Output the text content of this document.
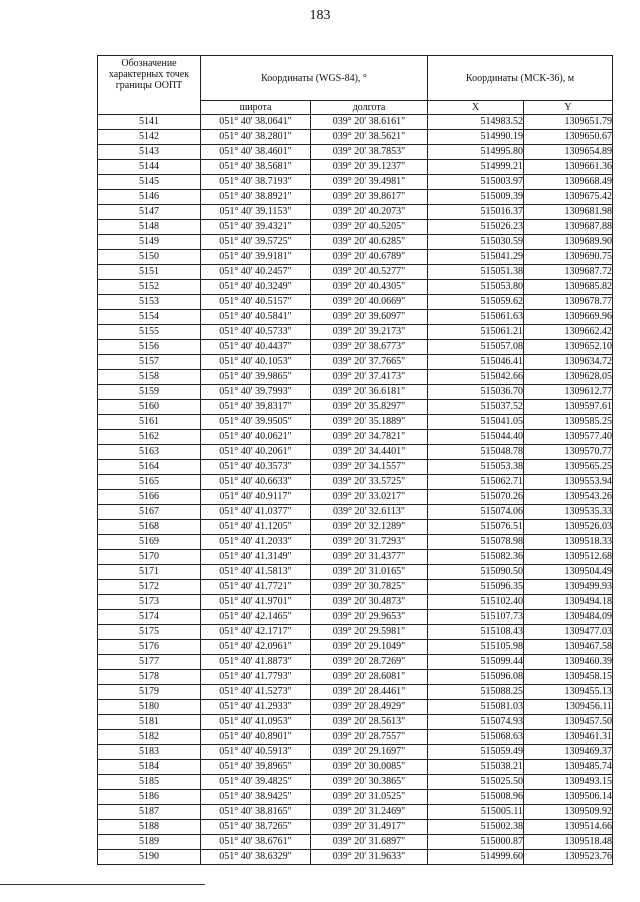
183
Обозначение характерных точек границы ООПТ	Координаты (WGS-84), °		Координаты (МСК-36), м	
	широта	долгота	X	Y
5141	051° 40' 38.0641"	039° 20' 38.6161"	514983.52	1309651.79
5142	051° 40' 38.2801"	039° 20' 38.5621"	514990.19	1309650.67
5143	051° 40' 38.4601"	039° 20' 38.7853"	514995.80	1309654.89
5144	051° 40' 38.5681"	039° 20' 39.1237"	514999.21	1309661.36
5145	051° 40' 38.7193"	039° 20' 39.4981"	515003.97	1309668.49
5146	051° 40' 38.8921"	039° 20' 39.8617"	515009.39	1309675.42
5147	051° 40' 39.1153"	039° 20' 40.2073"	515016.37	1309681.98
5148	051° 40' 39.4321"	039° 20' 40.5205"	515026.23	1309687.88
5149	051° 40' 39.5725"	039° 20' 40.6285"	515030.59	1309689.90
5150	051° 40' 39.9181"	039° 20' 40.6789"	515041.29	1309690.75
5151	051° 40' 40.2457"	039° 20' 40.5277"	515051.38	1309687.72
5152	051° 40' 40.3249"	039° 20' 40.4305"	515053.80	1309685.82
5153	051° 40' 40.5157"	039° 20' 40.0669"	515059.62	1309678.77
5154	051° 40' 40.5841"	039° 20' 39.6097"	515061.63	1309669.96
5155	051° 40' 40.5733"	039° 20' 39.2173"	515061.21	1309662.42
5156	051° 40' 40.4437"	039° 20' 38.6773"	515057.08	1309652.10
5157	051° 40' 40.1053"	039° 20' 37.7665"	515046.41	1309634.72
5158	051° 40' 39.9865"	039° 20' 37.4173"	515042.66	1309628.05
5159	051° 40' 39.7993"	039° 20' 36.6181"	515036.70	1309612.77
5160	051° 40' 39.8317"	039° 20' 35.8297"	515037.52	1309597.61
5161	051° 40' 39.9505"	039° 20' 35.1889"	515041.05	1309585.25
5162	051° 40' 40.0621"	039° 20' 34.7821"	515044.40	1309577.40
5163	051° 40' 40.2061"	039° 20' 34.4401"	515048.78	1309570.77
5164	051° 40' 40.3573"	039° 20' 34.1557"	515053.38	1309565.25
5165	051° 40' 40.6633"	039° 20' 33.5725"	515062.71	1309553.94
5166	051° 40' 40.9117"	039° 20' 33.0217"	515070.26	1309543.26
5167	051° 40' 41.0377"	039° 20' 32.6113"	515074.06	1309535.33
5168	051° 40' 41.1205"	039° 20' 32.1289"	515076.51	1309526.03
5169	051° 40' 41.2033"	039° 20' 31.7293"	515078.98	1309518.33
5170	051° 40' 41.3149"	039° 20' 31.4377"	515082.36	1309512.68
5171	051° 40' 41.5813"	039° 20' 31.0165"	515090.50	1309504.49
5172	051° 40' 41.7721"	039° 20' 30.7825"	515096.35	1309499.93
5173	051° 40' 41.9701"	039° 20' 30.4873"	515102.40	1309494.18
5174	051° 40' 42.1465"	039° 20' 29.9653"	515107.73	1309484.09
5175	051° 40' 42.1717"	039° 20' 29.5981"	515108.43	1309477.03
5176	051° 40' 42.0961"	039° 20' 29.1049"	515105.98	1309467.58
5177	051° 40' 41.8873"	039° 20' 28.7269"	515099.44	1309460.39
5178	051° 40' 41.7793"	039° 20' 28.6081"	515096.08	1309458.15
5179	051° 40' 41.5273"	039° 20' 28.4461"	515088.25	1309455.13
5180	051° 40' 41.2933"	039° 20' 28.4929"	515081.03	1309456.11
5181	051° 40' 41.0953"	039° 20' 28.5613"	515074.93	1309457.50
5182	051° 40' 40.8901"	039° 20' 28.7557"	515068.63	1309461.31
5183	051° 40' 40.5913"	039° 20' 29.1697"	515059.49	1309469.37
5184	051° 40' 39.8965"	039° 20' 30.0085"	515038.21	1309485.74
5185	051° 40' 39.4825"	039° 20' 30.3865"	515025.50	1309493.15
5186	051° 40' 38.9425"	039° 20' 31.0525"	515008.96	1309506.14
5187	051° 40' 38.8165"	039° 20' 31.2469"	515005.11	1309509.92
5188	051° 40' 38.7265"	039° 20' 31.4917"	515002.38	1309514.66
5189	051° 40' 38.6761"	039° 20' 31.6897"	515000.87	1309518.48
5190	051° 40' 38.6329"	039° 20' 31.9633"	514999.60	1309523.76
